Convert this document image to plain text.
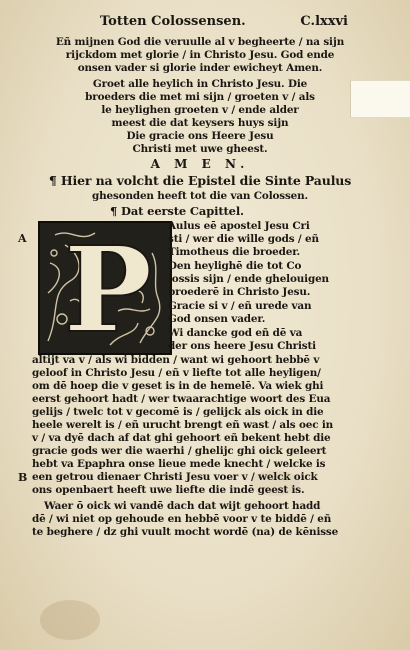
Totten Colossensen.	C.lxxvi
Eñ mĳnen God die veruulle al v begheerte / na sĳn
rĳckdom met glorie / in Christo Jesu. God ende
onsen vader si glorie inder ewicheyt Amen.
Groet alle heylich in Christo Jesu. Die
broeders die met mi sĳn / groeten v / als
le heylighen groeten v / ende alder
meest die dat keysers huys sĳn
Die gracie ons Heere Jesu
Christi met uwe gheest.
A M E N.
¶ Hier na volcht die Epistel die Sinte Paulus
ghesonden heeft tot die van Colossen.
¶ Dat eerste Capittel.
A P Aulus eē apostel Jesu Cri
sti / wer die wille gods / eñ
Timotheus die broeder.
Den heylighē die tot Co
lossis sĳn / ende ghelouigen
broederē in Christo Jesu.
Gracie si v / eñ urede van
God onsen vader.
Wi dancke god eñ dē va
der ons heere Jesu Christi
altĳt va v / als wi bidden / want wi gehoort hebbē v
geloof in Christo Jesu / eñ v liefte tot alle heyligen/
om dē hoep die v geset is in de hemelē. Va wiek ghi
eerst gehoort hadt / wer twaarachtige woort des Eua
gelĳs / twelc tot v gecomē is / gelĳck als oick in die
heele werelt is / eñ urucht brengt eñ wast / als oec in
v / va dyē dach af dat ghi gehoort eñ bekent hebt die
gracie gods wer die waerhi / ghelĳc ghi oick geleert
hebt va Epaphra onse lieue mede knecht / welcke is
B een getrou dienaer Christi Jesu voer v / welck oick
ons openbaert heeft uwe liefte die indē geest is.
Waer ō oick wi vandē dach dat wĳt gehoort hadd
dē / wi niet op gehoude en hebbē voor v te biddē / eñ
te beghere / dz ghi vuult mocht wordē (na) de kēnisse
